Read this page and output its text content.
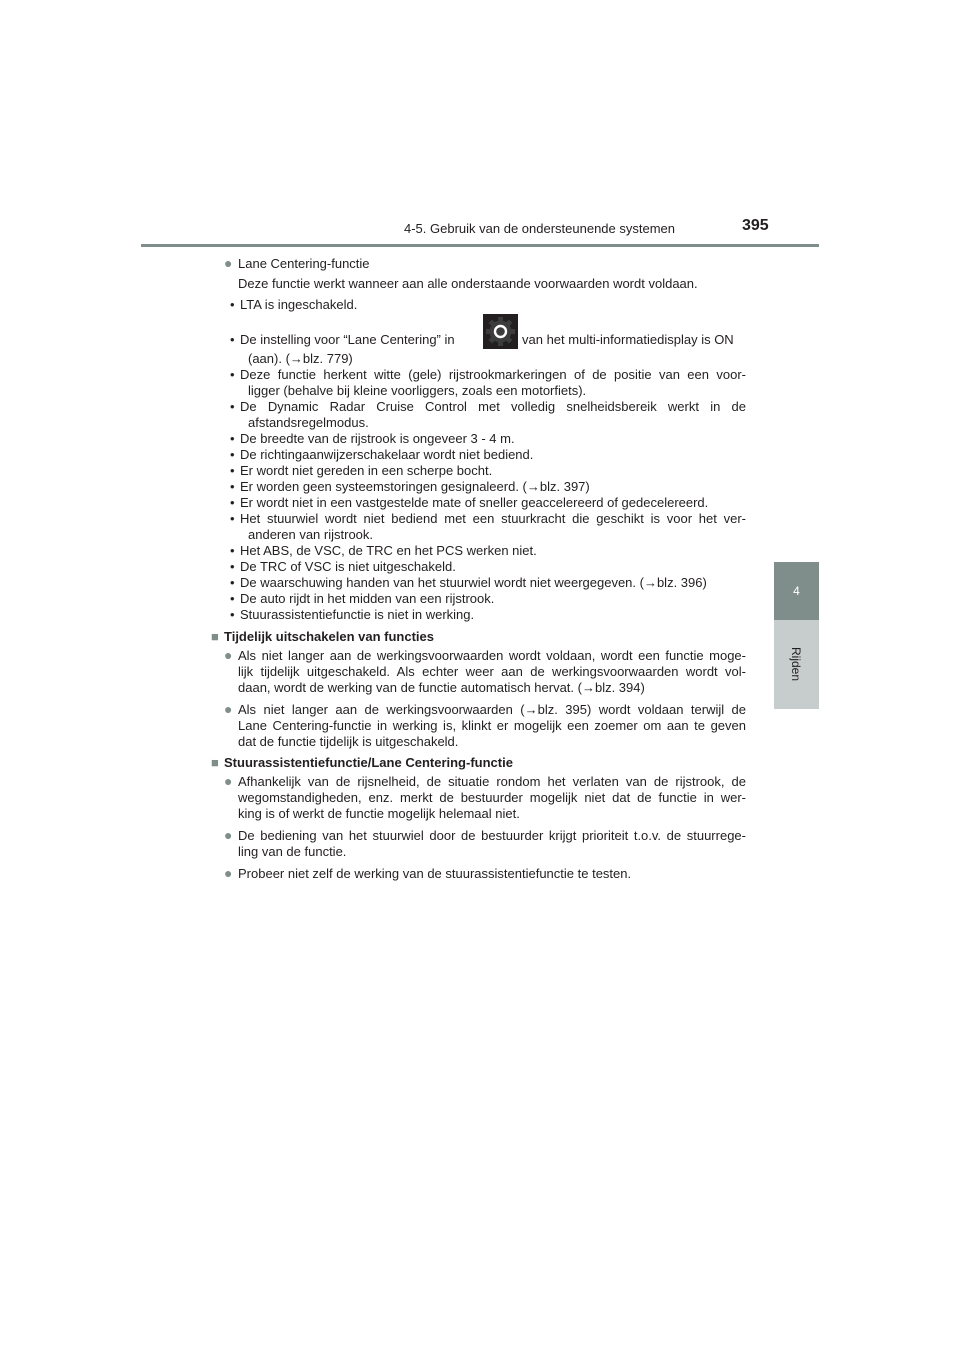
4-5. Gebruik van de ondersteunende systemen	395
4
Rijden
● Lane Centering-functie
Deze functie werkt wanneer aan alle onderstaande voorwaarden wordt voldaan.
• LTA is ingeschakeld.
• De instelling voor “Lane Centering” in	van het multi-informatiedisplay is ON
(aan). (→blz. 779)
• Deze functie herkent witte (gele) rijstrookmarkeringen of de positie van een voor-
ligger (behalve bij kleine voorliggers, zoals een motorfiets).
• De Dynamic Radar Cruise Control met volledig snelheidsbereik werkt in de
afstandsregelmodus.
• De breedte van de rijstrook is ongeveer 3 - 4 m.
• De richtingaanwijzerschakelaar wordt niet bediend.
• Er wordt niet gereden in een scherpe bocht.
• Er worden geen systeemstoringen gesignaleerd. (→blz. 397)
• Er wordt niet in een vastgestelde mate of sneller geaccelereerd of gedecelereerd.
• Het stuurwiel wordt niet bediend met een stuurkracht die geschikt is voor het ver-
anderen van rijstrook.
• Het ABS, de VSC, de TRC en het PCS werken niet.
• De TRC of VSC is niet uitgeschakeld.
• De waarschuwing handen van het stuurwiel wordt niet weergegeven. (→blz. 396)
• De auto rijdt in het midden van een rijstrook.
• Stuurassistentiefunctie is niet in werking.
■ Tijdelijk uitschakelen van functies
● Als niet langer aan de werkingsvoorwaarden wordt voldaan, wordt een functie moge-
lijk tijdelijk uitgeschakeld. Als echter weer aan de werkingsvoorwaarden wordt vol-
daan, wordt de werking van de functie automatisch hervat. (→blz. 394)
● Als niet langer aan de werkingsvoorwaarden (→blz. 395) wordt voldaan terwijl de
Lane Centering-functie in werking is, klinkt er mogelijk een zoemer om aan te geven
dat de functie tijdelijk is uitgeschakeld.
■ Stuurassistentiefunctie/Lane Centering-functie
● Afhankelijk van de rijsnelheid, de situatie rondom het verlaten van de rijstrook, de
wegomstandigheden, enz. merkt de bestuurder mogelijk niet dat de functie in wer-
king is of werkt de functie mogelijk helemaal niet.
● De bediening van het stuurwiel door de bestuurder krijgt prioriteit t.o.v. de stuurrege-
ling van de functie.
● Probeer niet zelf de werking van de stuurassistentiefunctie te testen.
